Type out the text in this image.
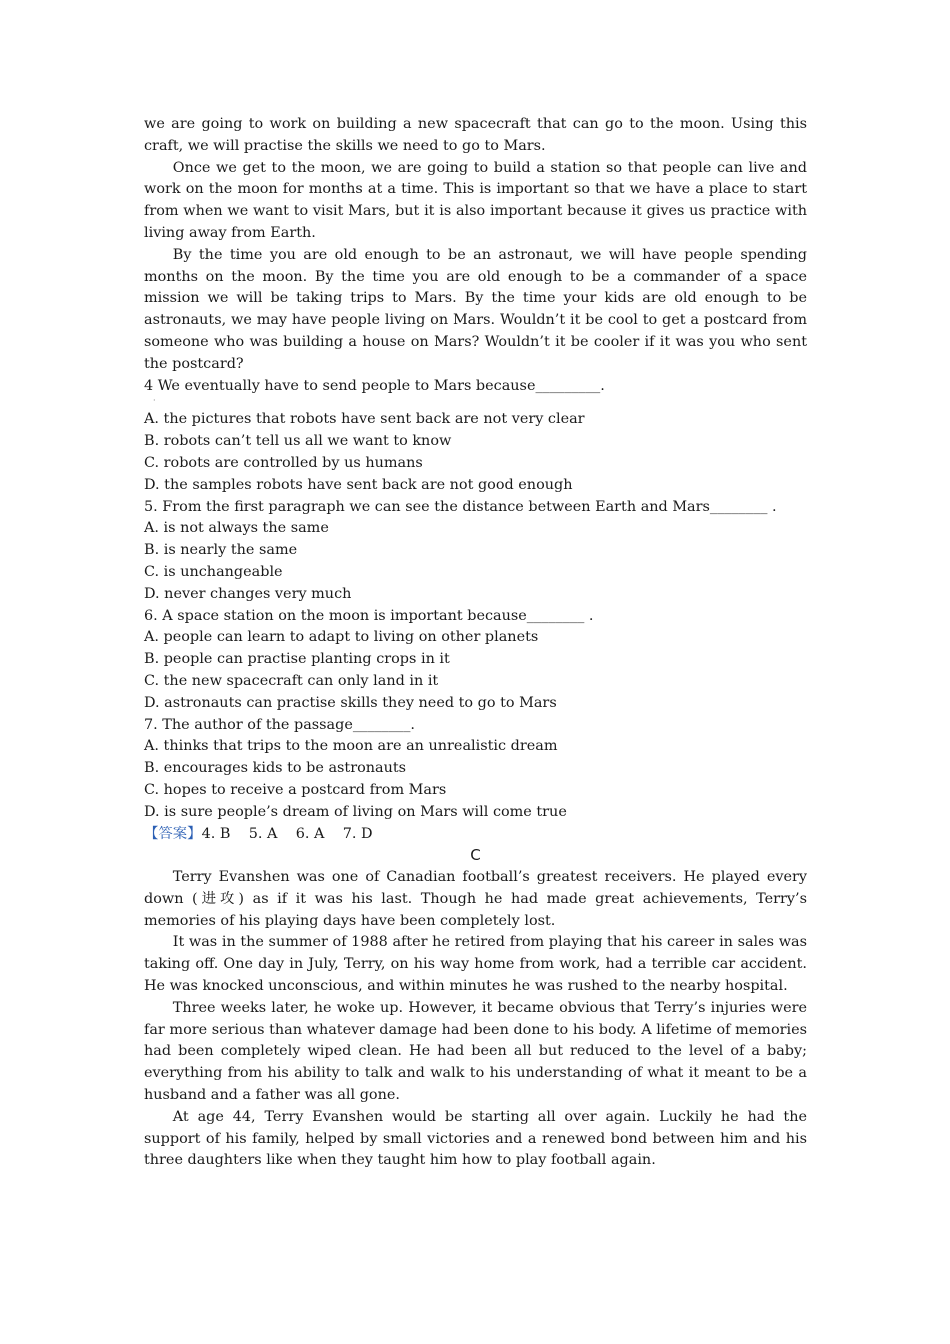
we are going to work on building a new spacecraft that can go to the moon. Using this craft, we will practise the skills we need to go to Mars.

Once we get to the moon, we are going to build a station so that people can live and work on the moon for months at a time. This is important so that we have a place to start from when we want to visit Mars, but it is also important because it gives us practice with living away from Earth.

By the time you are old enough to be an astronaut, we will have people spending months on the moon. By the time you are old enough to be a commander of a space mission we will be taking trips to Mars. By the time your kids are old enough to be astronauts, we may have people living on Mars. Wouldn’t it be cool to get a postcard from someone who was building a house on Mars? Wouldn’t it be cooler if it was you who sent the postcard?

4 We eventually have to send people to Mars because_________.

·

A. the pictures that robots have sent back are not very clear

B. robots can’t tell us all we want to know

C. robots are controlled by us humans

D. the samples robots have sent back are not good enough

5. From the first paragraph we can see the distance between Earth and Mars________ .

A. is not always the same

B. is nearly the same

C. is unchangeable

D. never changes very much

6. A space station on the moon is important because________ .

A. people can learn to adapt to living on other planets

B. people can practise planting crops in it

C. the new spacecraft can only land in it

D. astronauts can practise skills they need to go to Mars

7. The author of the passage________.

A. thinks that trips to the moon are an unrealistic dream

B. encourages kids to be astronauts

C. hopes to receive a postcard from Mars

D. is sure people’s dream of living on Mars will come true

【答案】4. B    5. A    6. A    7. D

C

Terry Evanshen was one of Canadian football’s greatest receivers. He played every down (进攻) as if it was his last. Though he had made great achievements, Terry’s memories of his playing days have been completely lost.

It was in the summer of 1988 after he retired from playing that his career in sales was taking off. One day in July, Terry, on his way home from work, had a terrible car accident. He was knocked unconscious, and within minutes he was rushed to the nearby hospital.

Three weeks later, he woke up. However, it became obvious that Terry’s injuries were far more serious than whatever damage had been done to his body. A lifetime of memories had been completely wiped clean. He had been all but reduced to the level of a baby; everything from his ability to talk and walk to his understanding of what it meant to be a husband and a father was all gone.

At age 44, Terry Evanshen would be starting all over again. Luckily he had the support of his family, helped by small victories and a renewed bond between him and his three daughters like when they taught him how to play football again.
